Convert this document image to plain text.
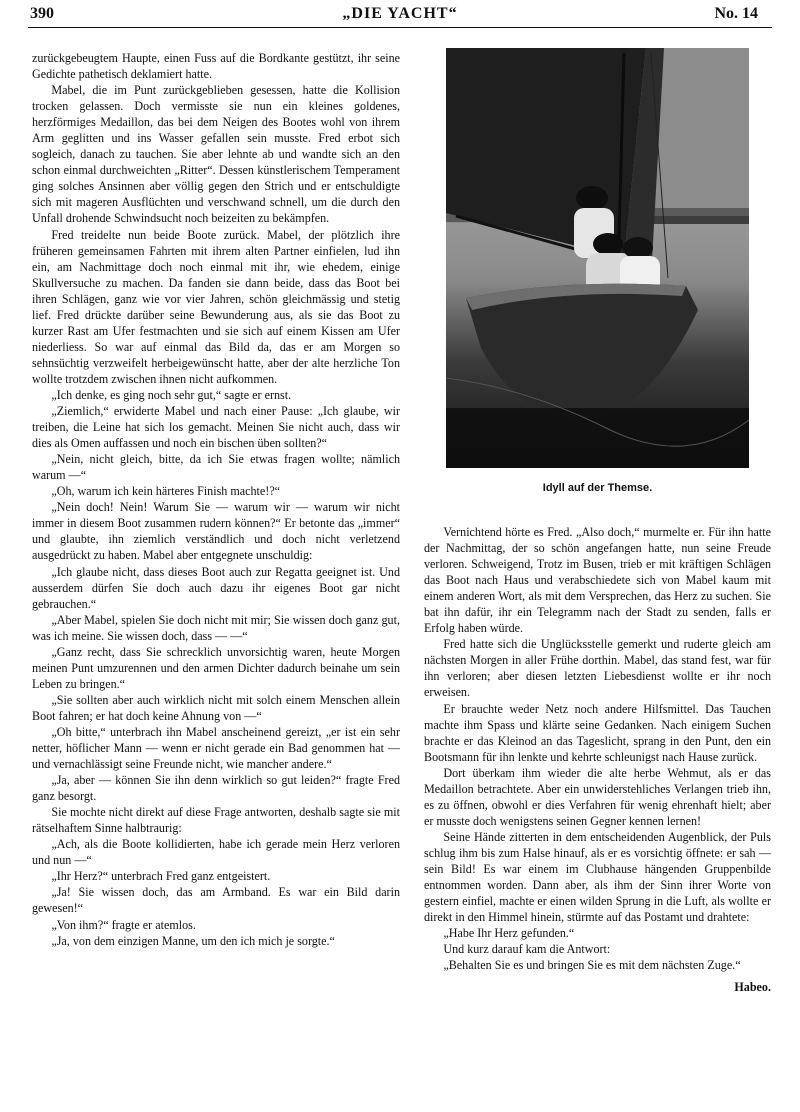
390	„DIE YACHT“	No. 14

zurückgebeugtem Haupte, einen Fuss auf die Bordkante gestützt, ihr seine Gedichte pathetisch deklamiert hatte.

Mabel, die im Punt zurückgeblieben gesessen, hatte die Kollision trocken gelassen. Doch vermisste sie nun ein kleines goldenes, herzförmiges Medaillon, das bei dem Neigen des Bootes wohl von ihrem Arm geglitten und ins Wasser gefallen sein musste. Fred erbot sich sogleich, danach zu tauchen. Sie aber lehnte ab und wandte sich an den schon einmal durchweichten „Ritter“. Dessen künstlerischem Temperament ging solches Ansinnen aber völlig gegen den Strich und er entschuldigte sich mit mageren Ausflüchten und verschwand schnell, um die durch den Unfall drohende Schwindsucht noch beizeiten zu bekämpfen.

Fred treidelte nun beide Boote zurück. Mabel, der plötzlich ihre früheren gemeinsamen Fahrten mit ihrem alten Partner einfielen, lud ihn ein, am Nachmittage doch noch einmal mit ihr, wie ehedem, einige Skullversuche zu machen. Da fanden sie dann beide, dass das Boot bei ihren Schlägen, ganz wie vor vier Jahren, schön gleichmässig und stetig lief. Fred drückte darüber seine Bewunderung aus, als sie das Boot zu kurzer Rast am Ufer festmachten und sie sich auf einem Kissen am Ufer niederliess. So war auf einmal das Bild da, das er am Morgen so sehnsüchtig verzweifelt herbeigewünscht hatte, aber der alte herzliche Ton wollte trotzdem zwischen ihnen nicht aufkommen.

„Ich denke, es ging noch sehr gut,“ sagte er ernst.

„Ziemlich,“ erwiderte Mabel und nach einer Pause: „Ich glaube, wir treiben, die Leine hat sich los gemacht. Meinen Sie nicht auch, dass wir dies als Omen auffassen und noch ein bischen üben sollten?“

„Nein, nicht gleich, bitte, da ich Sie etwas fragen wollte; nämlich warum —“

„Oh, warum ich kein härteres Finish machte!?“

„Nein doch! Nein! Warum Sie — warum wir — warum wir nicht immer in diesem Boot zusammen rudern können?“ Er betonte das „immer“ und glaubte, ihn ziemlich verständlich und doch nicht verletzend ausgedrückt zu haben. Mabel aber entgegnete unschuldig:

„Ich glaube nicht, dass dieses Boot auch zur Regatta geeignet ist. Und ausserdem dürfen Sie doch auch dazu ihr eigenes Boot gar nicht gebrauchen.“

„Aber Mabel, spielen Sie doch nicht mit mir; Sie wissen doch ganz gut, was ich meine. Sie wissen doch, dass — —“

„Ganz recht, dass Sie schrecklich unvorsichtig waren, heute Morgen meinen Punt umzurennen und den armen Dichter dadurch beinahe um sein Leben zu bringen.“

„Sie sollten aber auch wirklich nicht mit solch einem Menschen allein Boot fahren; er hat doch keine Ahnung von —“

„Oh bitte,“ unterbrach ihn Mabel anscheinend gereizt, „er ist ein sehr netter, höflicher Mann — wenn er nicht gerade ein Bad genommen hat — und vernachlässigt seine Freunde nicht, wie mancher andere.“

„Ja, aber — können Sie ihn denn wirklich so gut leiden?“ fragte Fred ganz besorgt.

Sie mochte nicht direkt auf diese Frage antworten, deshalb sagte sie mit rätselhaftem Sinne halbtraurig:

„Ach, als die Boote kollidierten, habe ich gerade mein Herz verloren und nun —“

„Ihr Herz?“ unterbrach Fred ganz entgeistert.

„Ja! Sie wissen doch, das am Armband. Es war ein Bild darin gewesen!“

„Von ihm?“ fragte er atemlos.

„Ja, von dem einzigen Manne, um den ich mich je sorgte.“

Idyll auf der Themse.

Vernichtend hörte es Fred. „Also doch,“ murmelte er. Für ihn hatte der Nachmittag, der so schön angefangen hatte, nun seine Freude verloren. Schweigend, Trotz im Busen, trieb er mit kräftigen Schlägen das Boot nach Haus und verabschiedete sich von Mabel kaum mit einem anderen Wort, als mit dem Versprechen, das Herz zu suchen. Sie bat ihn dafür, ihr ein Telegramm nach der Stadt zu senden, falls er Erfolg haben würde.

Fred hatte sich die Unglücksstelle gemerkt und ruderte gleich am nächsten Morgen in aller Frühe dorthin. Mabel, das stand fest, war für ihn verloren; aber diesen letzten Liebesdienst wollte er ihr noch erweisen.

Er brauchte weder Netz noch andere Hilfsmittel. Das Tauchen machte ihm Spass und klärte seine Gedanken. Nach einigem Suchen brachte er das Kleinod an das Tageslicht, sprang in den Punt, den ein Bootsmann für ihn lenkte und kehrte schleunigst nach Hause zurück.

Dort überkam ihm wieder die alte herbe Wehmut, als er das Medaillon betrachtete. Aber ein unwiderstehliches Verlangen trieb ihn, es zu öffnen, obwohl er dies Verfahren für wenig ehrenhaft hielt; aber er musste doch wenigstens seinen Gegner kennen lernen!

Seine Hände zitterten in dem entscheidenden Augenblick, der Puls schlug ihm bis zum Halse hinauf, als er es vorsichtig öffnete: er sah — sein Bild! Es war einem im Clubhause hängenden Gruppenbilde entnommen worden. Dann aber, als ihm der Sinn ihrer Worte von gestern einfiel, machte er einen wilden Sprung in die Luft, als wollte er direkt in den Himmel hinein, stürmte auf das Postamt und drahtete:

„Habe Ihr Herz gefunden.“

Und kurz darauf kam die Antwort:

„Behalten Sie es und bringen Sie es mit dem nächsten Zuge.“

Habeo.
